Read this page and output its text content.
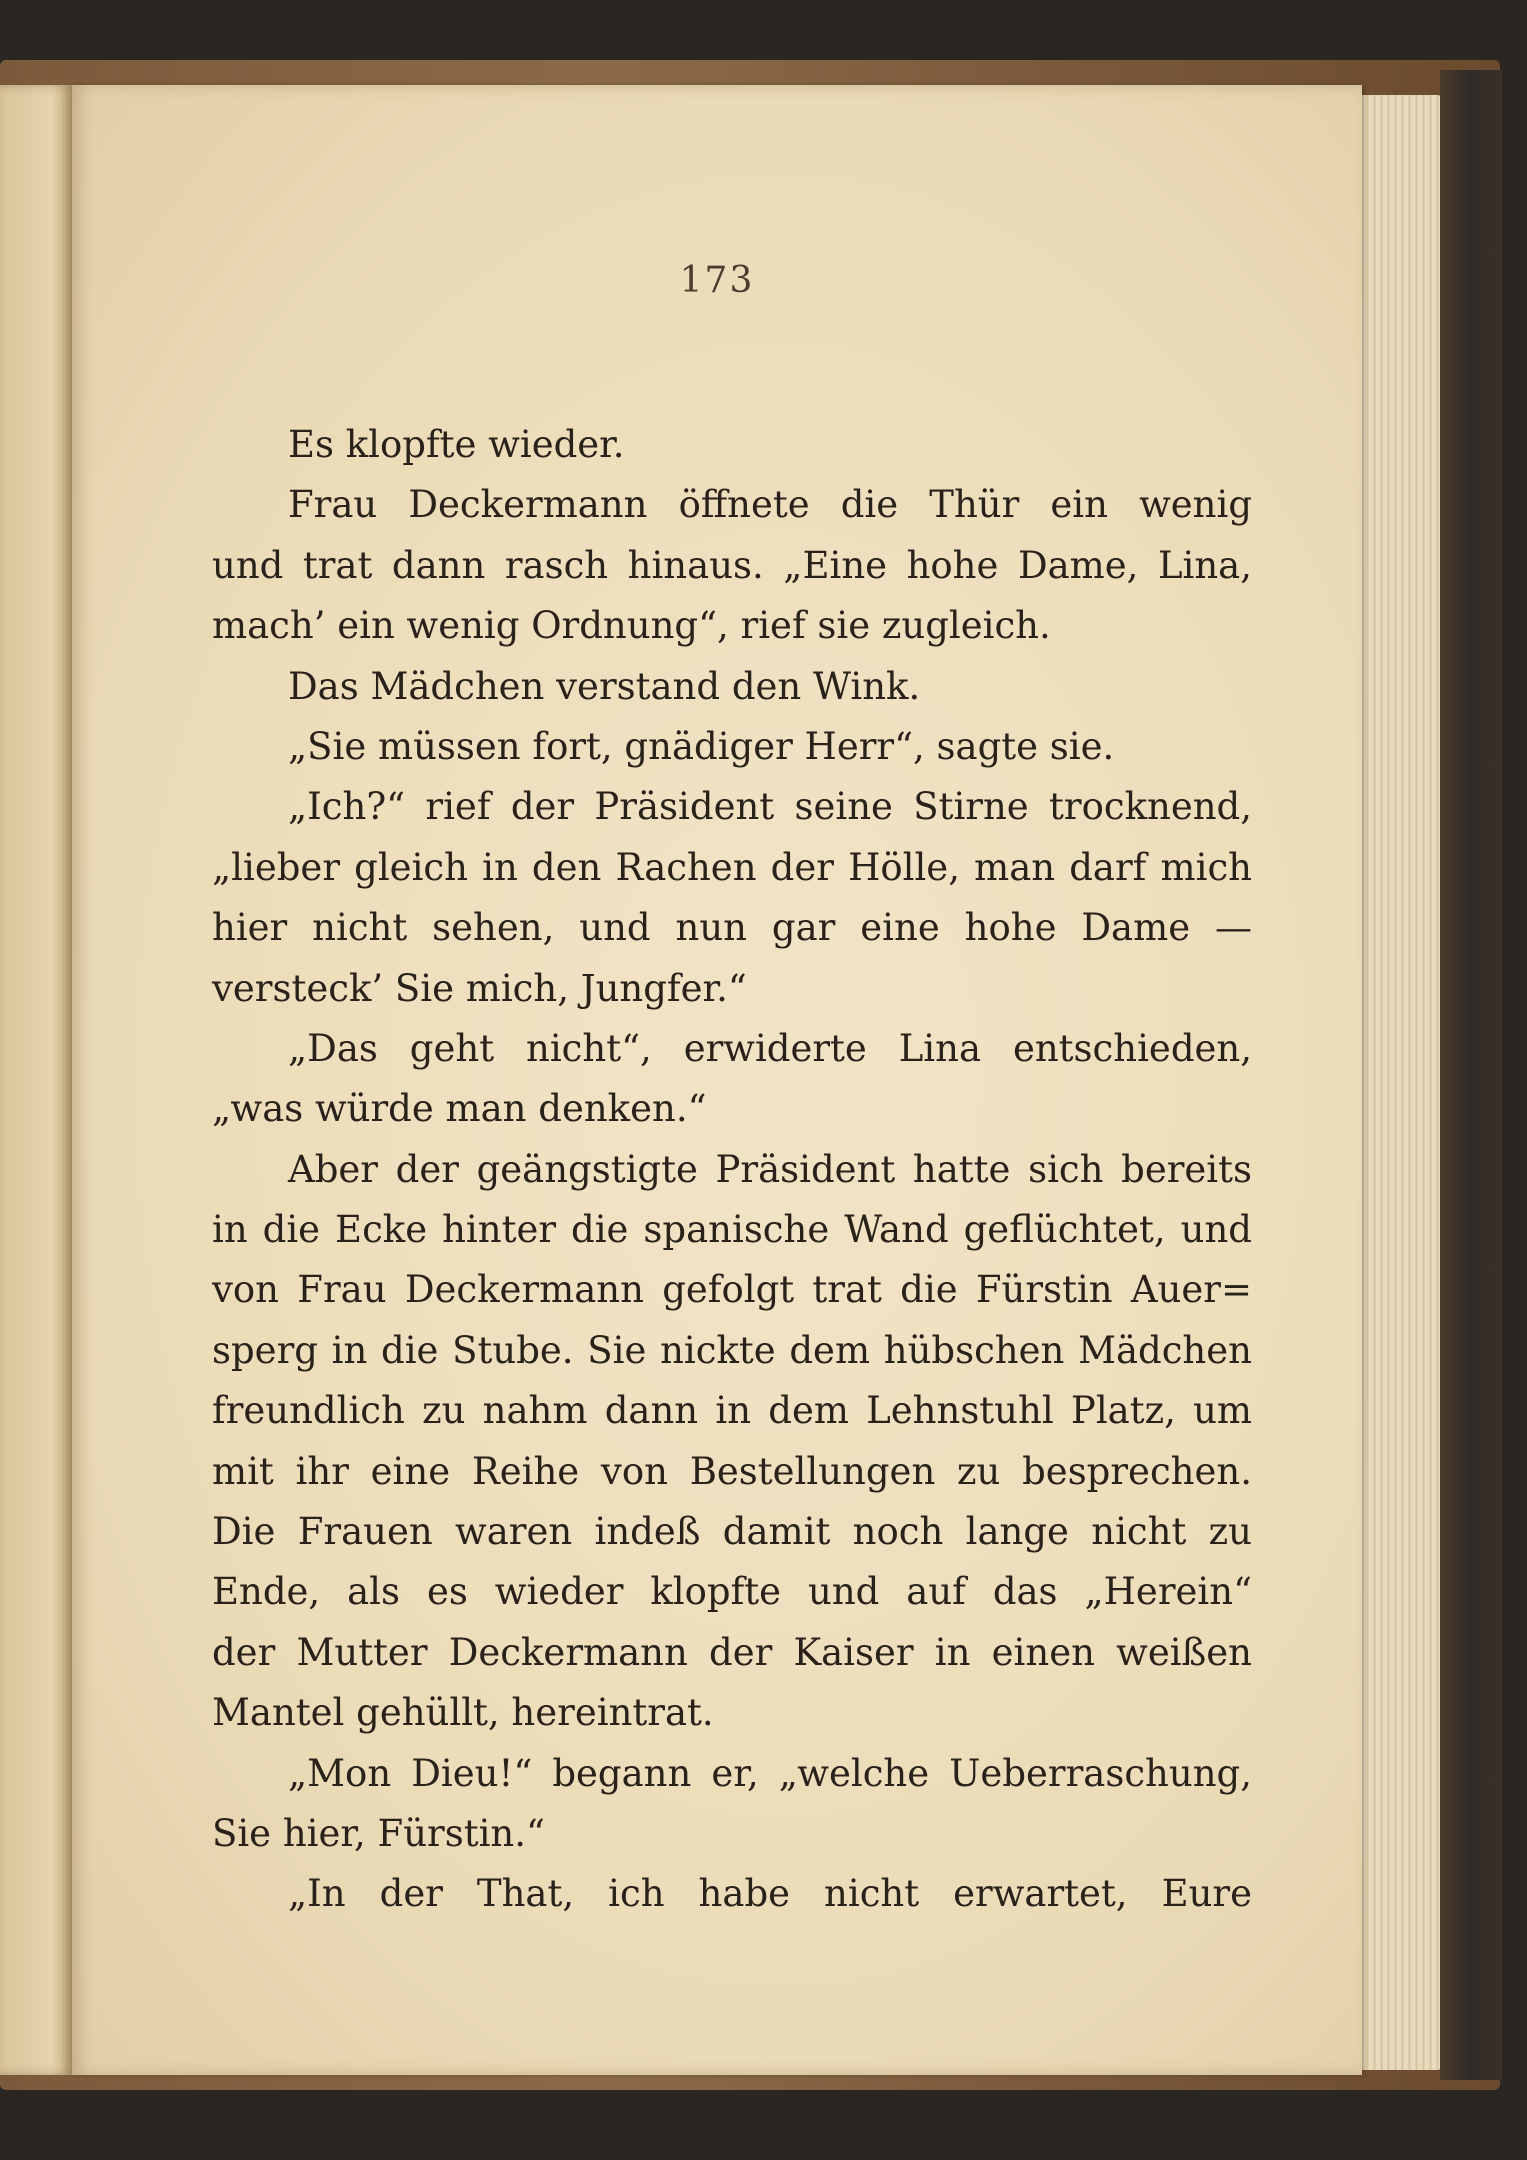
173
Es klopfte wieder.
Frau Deckermann öffnete die Thür ein wenig
und trat dann rasch hinaus. „Eine hohe Dame, Lina,
mach’ ein wenig Ordnung“, rief sie zugleich.
Das Mädchen verstand den Wink.
„Sie müssen fort, gnädiger Herr“, sagte sie.
„Ich?“ rief der Präsident seine Stirne trocknend,
„lieber gleich in den Rachen der Hölle, man darf mich
hier nicht sehen, und nun gar eine hohe Dame —
versteck’ Sie mich, Jungfer.“
„Das geht nicht“, erwiderte Lina entschieden,
„was würde man denken.“
Aber der geängstigte Präsident hatte sich bereits
in die Ecke hinter die spanische Wand geflüchtet, und
von Frau Deckermann gefolgt trat die Fürstin Auer=
sperg in die Stube. Sie nickte dem hübschen Mädchen
freundlich zu nahm dann in dem Lehnstuhl Platz, um
mit ihr eine Reihe von Bestellungen zu besprechen.
Die Frauen waren indeß damit noch lange nicht zu
Ende, als es wieder klopfte und auf das „Herein“
der Mutter Deckermann der Kaiser in einen weißen
Mantel gehüllt, hereintrat.
„Mon Dieu!“ begann er, „welche Ueberraschung,
Sie hier, Fürstin.“
„In der That, ich habe nicht erwartet, Eure
